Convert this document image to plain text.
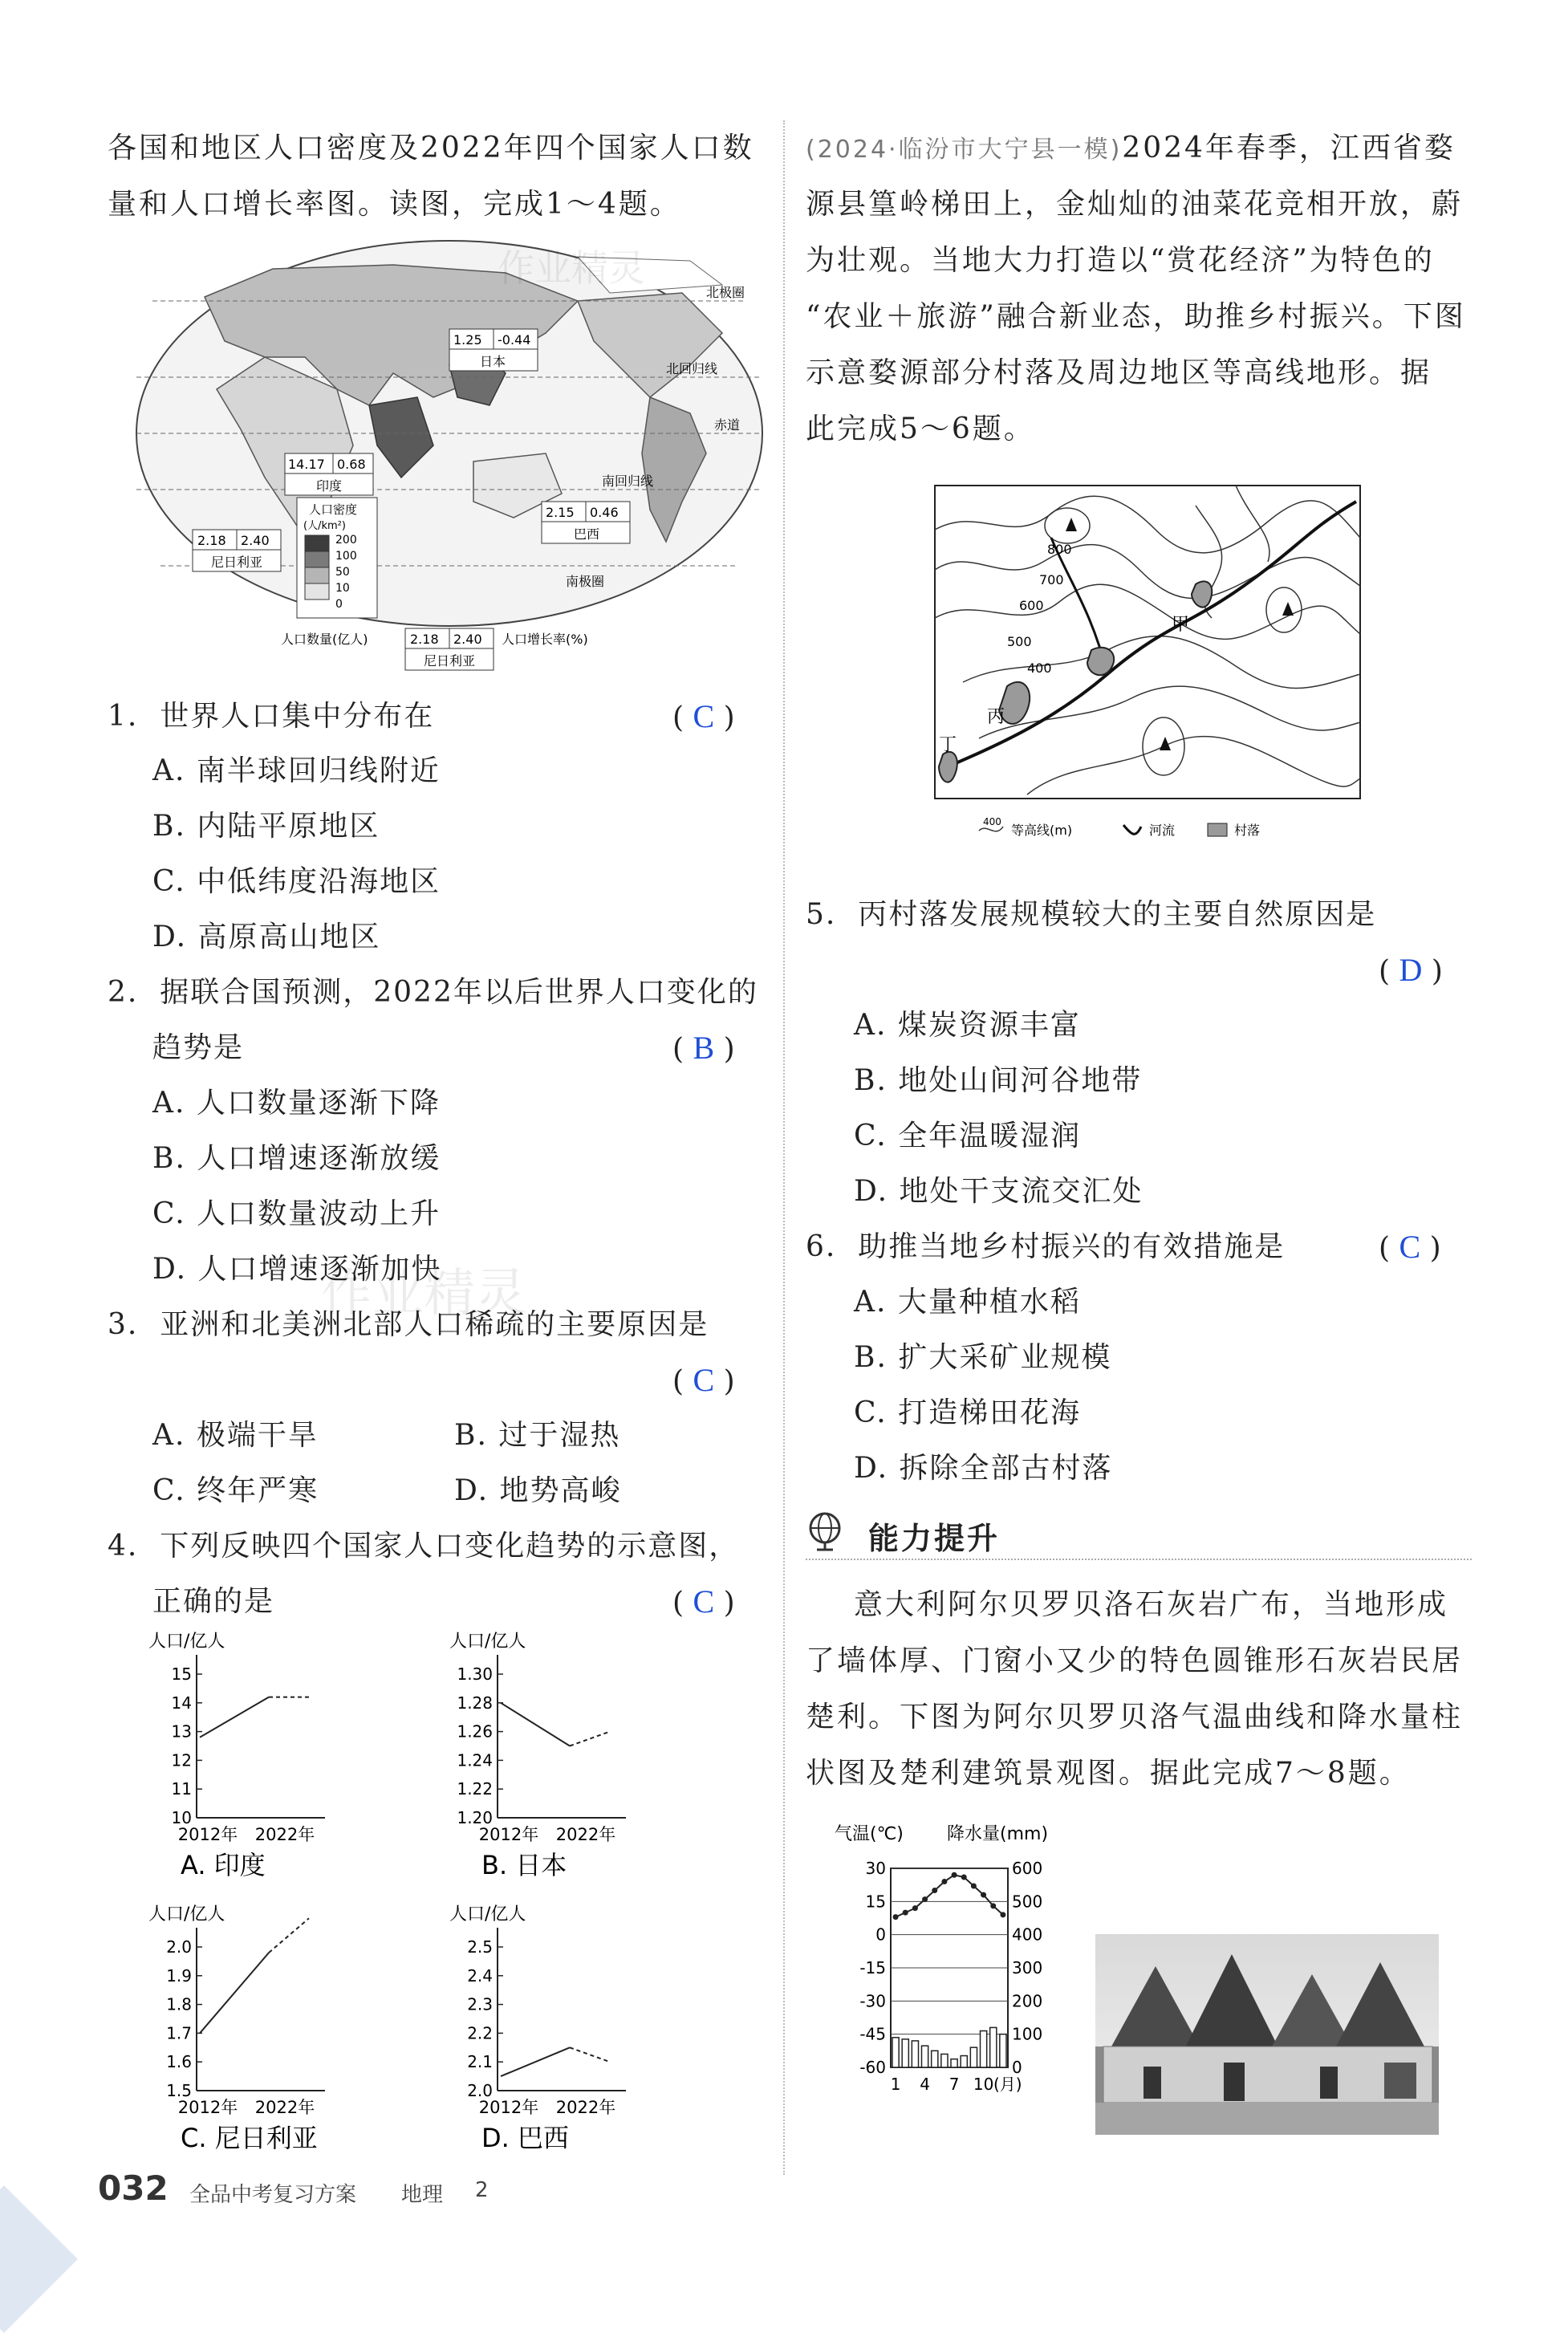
各国和地区人口密度及2022年四个国家人口数

量和人口增长率图。读图，完成1～4题。

北极圈
北回归线
赤道
南回归线
南极圈
1.25 -0.44
日本
14.17 0.68
印度
2.18 2.40
尼日利亚
2.15 0.46
巴西
人口密度
(人/km²)
200
100
50
10
0
人口数量(亿人)	2.18 2.40
尼日利亚
人口增长率(%)
作业精灵
1. 世界人口集中分布在	( C )
A. 南半球回归线附近
B. 内陆平原地区
C. 中低纬度沿海地区
D. 高原高山地区
2. 据联合国预测，2022年以后世界人口变化的
趋势是	( B )
A. 人口数量逐渐下降
B. 人口增速逐渐放缓
C. 人口数量波动上升
D. 人口增速逐渐加快
3. 亚洲和北美洲北部人口稀疏的主要原因是
( C )
A. 极端干旱	B. 过于湿热
C. 终年严寒	D. 地势高峻
作业精灵
4. 下列反映四个国家人口变化趋势的示意图，
正确的是	( C )
人口/亿人
15
14
13
12
11
10
2012年 2022年
A. 印度
人口/亿人
1.30
1.28
1.26
1.24
1.22
1.20
2012年 2022年
B. 日本
人口/亿人
2.0
1.9
1.8
1.7
1.6
1.5
2012年 2022年
C. 尼日利亚
人口/亿人
2.5
2.4
2.3
2.2
2.1
2.0
2012年 2022年
D. 巴西
(2024·临汾市大宁县一模)2024年春季，江西省婺

源县篁岭梯田上，金灿灿的油菜花竞相开放，蔚

为壮观。当地大力打造以“赏花经济”为特色的

“农业＋旅游”融合新业态，助推乡村振兴。下图

示意婺源部分村落及周边地区等高线地形。据

此完成5～6题。

800
700
600
500
400
甲
丙
丁
400
等高线(m)	河流	村落
5. 丙村落发展规模较大的主要自然原因是
( D )
A. 煤炭资源丰富
B. 地处山间河谷地带
C. 全年温暖湿润
D. 地处干支流交汇处
6. 助推当地乡村振兴的有效措施是	( C )
A. 大量种植水稻
B. 扩大采矿业规模
C. 打造梯田花海
D. 拆除全部古村落
能力提升

意大利阿尔贝罗贝洛石灰岩广布，当地形成

了墙体厚、门窗小又少的特色圆锥形石灰岩民居

楚利。下图为阿尔贝罗贝洛气温曲线和降水量柱

状图及楚利建筑景观图。据此完成7～8题。

气温(℃) 降水量(mm)
30
15
0
-15
-30
-45
-60
600
500
400
300
200
100
0
1 4 7 10 (月)
032 全品中考复习方案 地理 2
